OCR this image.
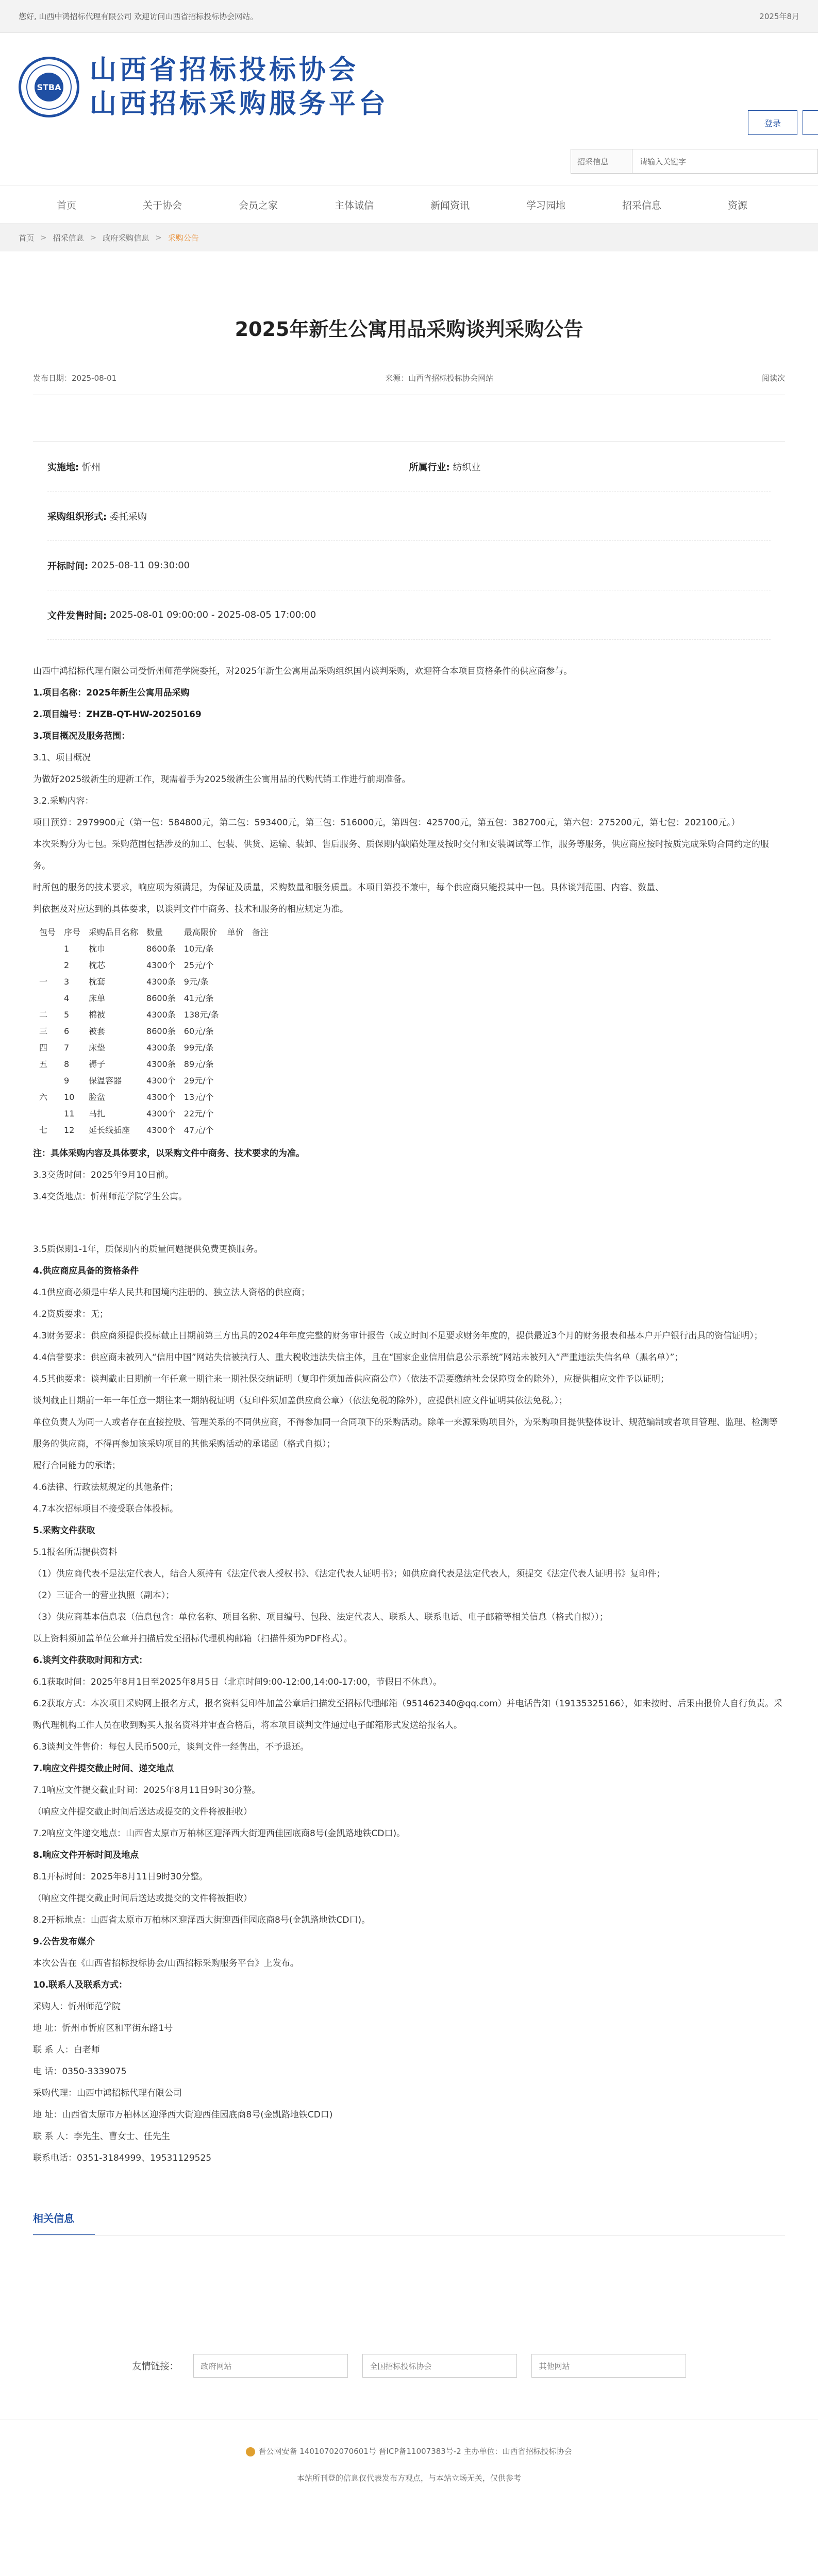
您好, 山西中鸿招标代理有限公司 欢迎访问山西省招标投标协会网站。	2025年8月
STBA
山西省招标投标协会
山西招标采购服务平台
登录
招采信息	请输入关键字
首页	关于协会	会员之家	主体诚信	新闻资讯	学习园地	招采信息	资源
首页 > 招采信息 > 政府采购信息 > 采购公告
2025年新生公寓用品采购谈判采购公告
发布日期：2025-08-01	来源：山西省招标投标协会网站	阅读次
实施地: 忻州	所属行业: 纺织业
采购组织形式:
委托采购
开标时间:
2025-08-11 09:30:00
文件发售时间:
2025-08-01 09:00:00 - 2025-08-05 17:00:00

山西中鸿招标代理有限公司受忻州师范学院委托，对2025年新生公寓用品采购组织国内谈判采购，欢迎符合本项目资格条件的供应商参与。

1.项目名称：2025年新生公寓用品采购

2.项目编号：ZHZB-QT-HW-20250169

3.项目概况及服务范围：

3.1、项目概况

为做好2025级新生的迎新工作，现需着手为2025级新生公寓用品的代购代销工作进行前期准备。

3.2.采购内容：

项目预算：2979900元（第一包：584800元，第二包：593400元，第三包：516000元，第四包：425700元，第五包：382700元，第六包：275200元，第七包：202100元。）

本次采购分为七包。采购范围包括涉及的加工、包装、供货、运输、装卸、售后服务、质保期内缺陷处理及按时交付和安装调试等工作，服务等服务，供应商应按时按质完成采购合同约定的服务。

时所包的服务的技术要求，响应项为须满足，为保证及质量，采购数量和服务质量。本项目第投不兼中，每个供应商只能投其中一包。具体谈判范围、内容、数量、

判依据及对应达到的具体要求，以谈判文件中商务、技术和服务的相应规定为准。

包号	序号	采购品目名称	数量	最高限价	单价	备注
	1	枕巾	8600条	10元/条		
	2	枕芯	4300个	25元/个		
一	3	枕套	4300条	9元/条		
	4	床单	8600条	41元/条		
二	5	棉被	4300条	138元/条		
三	6	被套	8600条	60元/条		
四	7	床垫	4300条	99元/条		
五	8	褥子	4300条	89元/条		
	9	保温容器	4300个	29元/个		
六	10	脸盆	4300个	13元/个		
	11	马扎	4300个	22元/个		
七	12	延长线插座	4300个	47元/个		

注：具体采购内容及具体要求，以采购文件中商务、技术要求的为准。

3.3交货时间：2025年9月10日前。

3.4交货地点：忻州师范学院学生公寓。

3.5质保期1-1年，质保期内的质量问题提供免费更换服务。

4.供应商应具备的资格条件

4.1供应商必须是中华人民共和国境内注册的、独立法人资格的供应商；

4.2资质要求：无；

4.3财务要求：供应商须提供投标截止日期前第三方出具的2024年年度完整的财务审计报告（成立时间不足要求财务年度的，提供最近3个月的财务报表和基本户开户银行出具的资信证明）；

4.4信誉要求：供应商未被列入“信用中国”网站失信被执行人、重大税收违法失信主体，且在“国家企业信用信息公示系统”网站未被列入“严重违法失信名单（黑名单）”；

4.5其他要求：谈判截止日期前一年任意一期往来一期社保交纳证明（复印件须加盖供应商公章）（依法不需要缴纳社会保障资金的除外），应提供相应文件予以证明；

谈判截止日期前一年一年任意一期往来一期纳税证明（复印件须加盖供应商公章）（依法免税的除外），应提供相应文件证明其依法免税。）；

单位负责人为同一人或者存在直接控股、管理关系的不同供应商，不得参加同一合同项下的采购活动。除单一来源采购项目外，为采购项目提供整体设计、规范编制或者项目管理、监理、检测等服务的供应商，不得再参加该采购项目的其他采购活动的承诺函（格式自拟）；

履行合同能力的承诺；

4.6法律、行政法规规定的其他条件；

4.7本次招标项目不接受联合体投标。

5.采购文件获取

5.1报名所需提供资料

（1）供应商代表不是法定代表人，结合人须持有《法定代表人授权书》、《法定代表人证明书》；如供应商代表是法定代表人，须提交《法定代表人证明书》复印件；

（2）三证合一的营业执照（副本）；

（3）供应商基本信息表（信息包含：单位名称、项目名称、项目编号、包段、法定代表人、联系人、联系电话、电子邮箱等相关信息（格式自拟））；

以上资料须加盖单位公章并扫描后发至招标代理机构邮箱（扫描件须为PDF格式）。

6.谈判文件获取时间和方式：

6.1获取时间：2025年8月1日至2025年8月5日（北京时间9:00-12:00,14:00-17:00，节假日不休息）。

6.2获取方式：本次项目采购网上报名方式，报名资料复印件加盖公章后扫描发至招标代理邮箱（951462340@qq.com）并电话告知（19135325166），如未按时、后果由报价人自行负责。采购代理机构工作人员在收到购买人报名资料并审查合格后，将本项目谈判文件通过电子邮箱形式发送给报名人。

6.3谈判文件售价：每包人民币500元，谈判文件一经售出，不予退还。

7.响应文件提交截止时间、递交地点

7.1响应文件提交截止时间：2025年8月11日9时30分整。

（响应文件提交截止时间后送达或提交的文件将被拒收）

7.2响应文件递交地点：山西省太原市万柏林区迎泽西大街迎西佳园底商8号(金凯路地铁CD口)。

8.响应文件开标时间及地点

8.1开标时间：2025年8月11日9时30分整。

（响应文件提交截止时间后送达或提交的文件将被拒收）

8.2开标地点：山西省太原市万柏林区迎泽西大街迎西佳园底商8号(金凯路地铁CD口)。

9.公告发布媒介

本次公告在《山西省招标投标协会/山西招标采购服务平台》上发布。

10.联系人及联系方式：

采购人：忻州师范学院

地 址：忻州市忻府区和平街东路1号

联 系 人：白老师

电 话：0350-3339075

采购代理：山西中鸿招标代理有限公司

地 址：山西省太原市万柏林区迎泽西大街迎西佳园底商8号(金凯路地铁CD口)

联 系 人：李先生、曹女士、任先生

联系电话：0351-3184999、19531129525

相关信息
友情链接：	政府网站	全国招标投标协会	其他网站
晋公网安备 14010702070601号 晋ICP备11007383号-2 主办单位：山西省招标投标协会
本站所刊登的信息仅代表发布方观点，与本站立场无关，仅供参考
